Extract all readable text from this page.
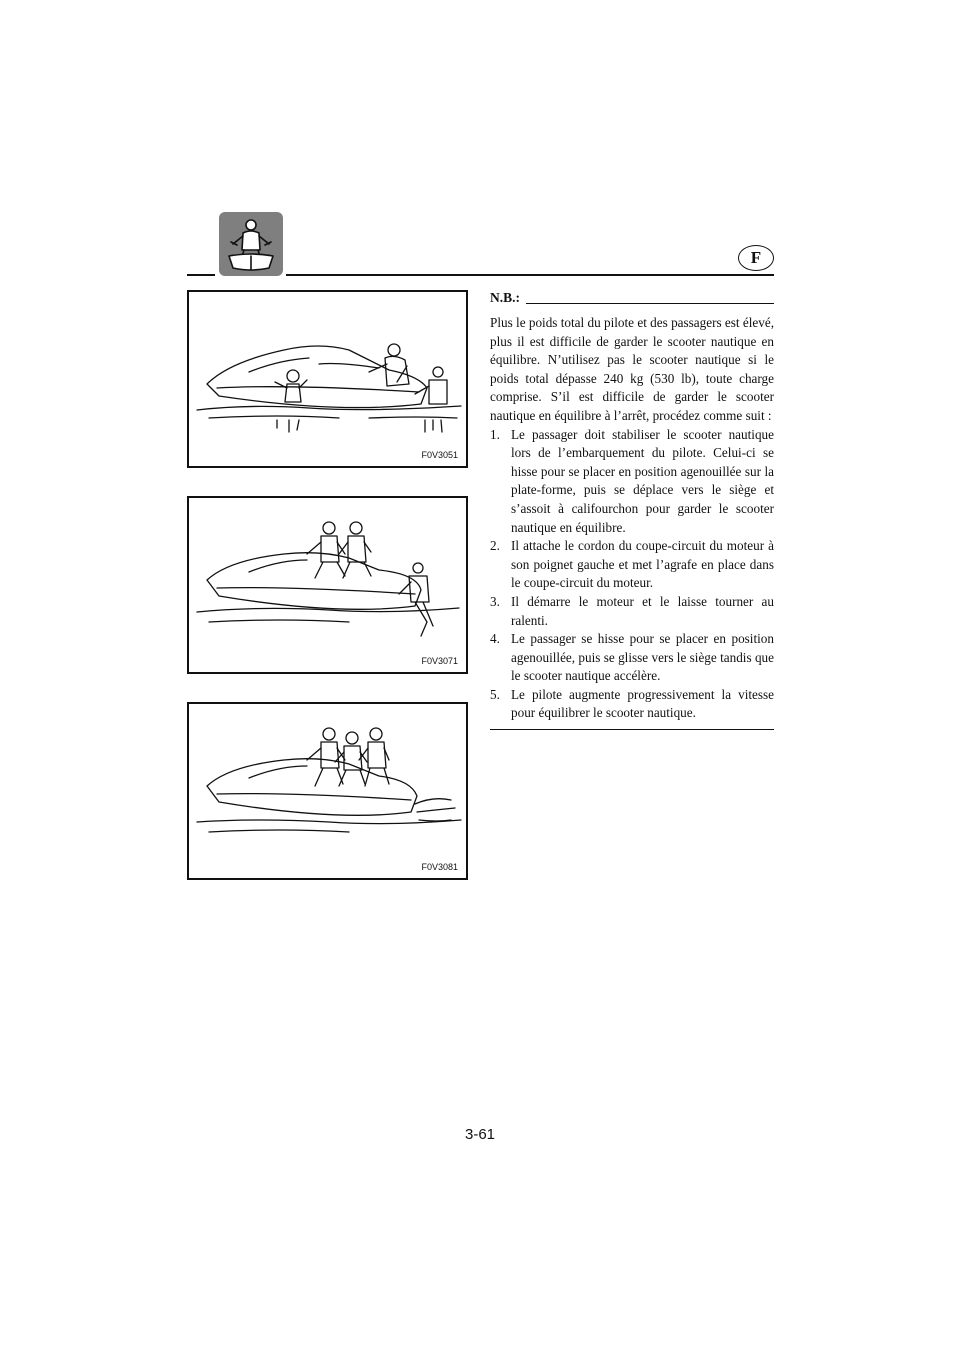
F
F0V3051
F0V3071
F0V3081
N.B.:

Plus le poids total du pilote et des passagers est élevé, plus il est difficile de garder le scooter nautique en équilibre. N’utilisez pas le scooter nautique si le poids total dépasse 240 kg (530 lb), toute charge comprise. S’il est difficile de garder le scooter nautique en équilibre à l’arrêt, procédez comme suit :

1. Le passager doit stabiliser le scooter nautique lors de l’embarquement du pilote. Celui-ci se hisse pour se placer en position agenouillée sur la plate-forme, puis se déplace vers le siège et s’assoit à califourchon pour garder le scooter nautique en équilibre.
2. Il attache le cordon du coupe-circuit du moteur à son poignet gauche et met l’agrafe en place dans le coupe-circuit du moteur.
3. Il démarre le moteur et le laisse tourner au ralenti.
4. Le passager se hisse pour se placer en position agenouillée, puis se glisse vers le siège tandis que le scooter nautique accélère.
5. Le pilote augmente progressivement la vitesse pour équilibrer le scooter nautique.
3-61
